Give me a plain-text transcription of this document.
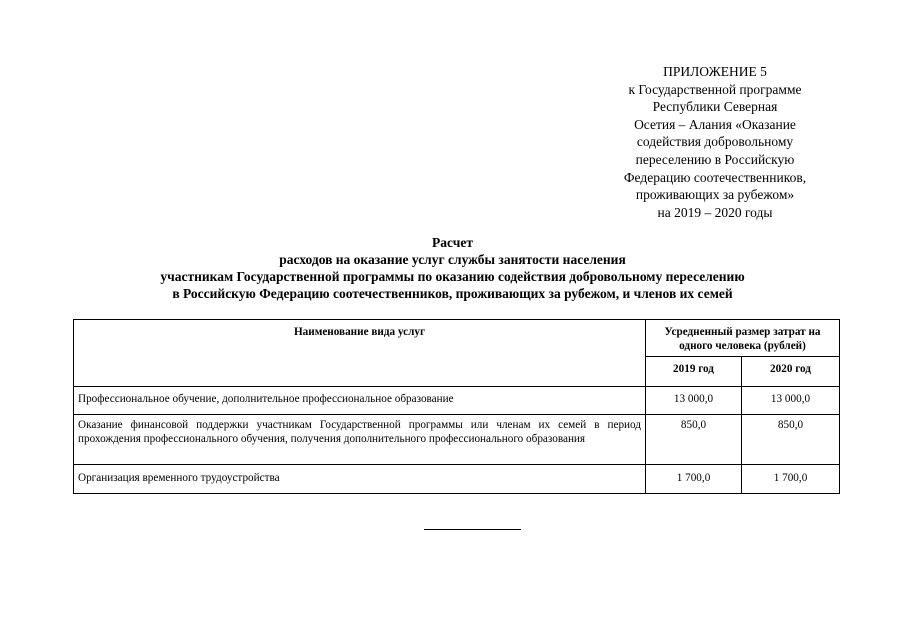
ПРИЛОЖЕНИЕ 5
к Государственной программе
Республики Северная
Осетия – Алания «Оказание
содействия добровольному
переселению в Российскую
Федерацию соотечественников,
проживающих за рубежом»
на 2019 – 2020 годы
Расчет
расходов на оказание услуг службы занятости населения
участникам Государственной программы по оказанию содействия добровольному переселению
в Российскую Федерацию соотечественников, проживающих за рубежом, и членов их семей
Наименование вида услуг	Усредненный размер затрат на одного человека (рублей)	
	2019 год	2020 год
Профессиональное обучение, дополнительное профессиональное образование	13 000,0	13 000,0
Оказание финансовой поддержки участникам Государственной программы или членам их семей в период прохождения профессионального обучения, получения дополнительного профессионального образования	850,0	850,0
Организация временного трудоустройства	1 700,0	1 700,0
